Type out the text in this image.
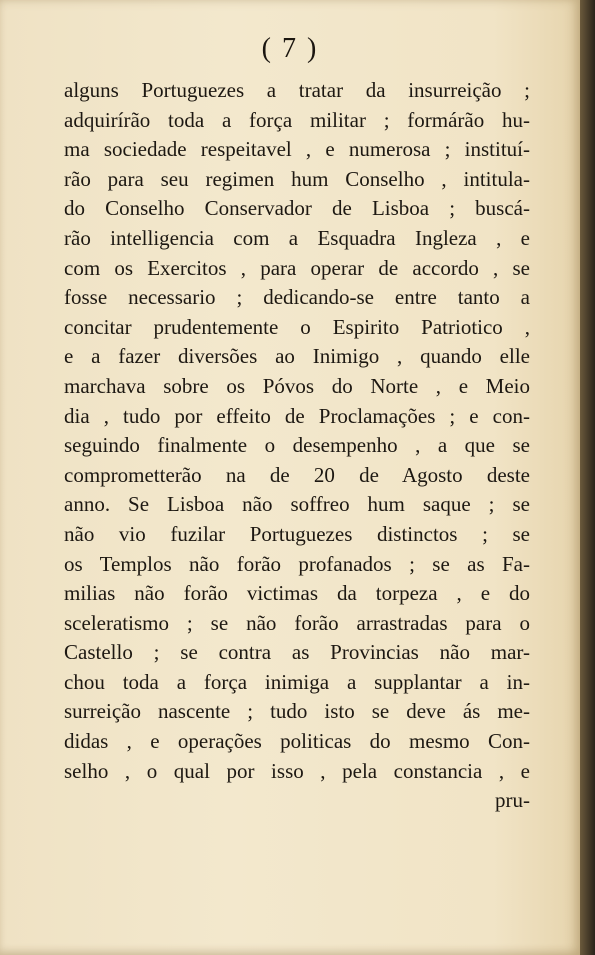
( 7 )
alguns Portuguezes a tratar da insurreição ;
adquirírão toda a força militar ; formárão hu-
ma sociedade respeitavel , e numerosa ; instituí-
rão para seu regimen hum Conselho , intitula-
do Conselho Conservador de Lisboa ; buscá-
rão intelligencia com a Esquadra Ingleza , e
com os Exercitos , para operar de accordo , se
fosse necessario ; dedicando-se entre tanto a
concitar prudentemente o Espirito Patriotico ,
e a fazer diversões ao Inimigo , quando elle
marchava sobre os Póvos do Norte , e Meio
dia , tudo por effeito de Proclamações ; e con-
seguindo finalmente o desempenho , a que se
comprometterão na de 20 de Agosto deste
anno. Se Lisboa não soffreo hum saque ; se
não vio fuzilar Portuguezes distinctos ; se
os Templos não forão profanados ; se as Fa-
milias não forão victimas da torpeza , e do
sceleratismo ; se não forão arrastradas para o
Castello ; se contra as Provincias não mar-
chou toda a força inimiga a supplantar a in-
surreição nascente ; tudo isto se deve ás me-
didas , e operações politicas do mesmo Con-
selho , o qual por isso , pela constancia , e
pru-
